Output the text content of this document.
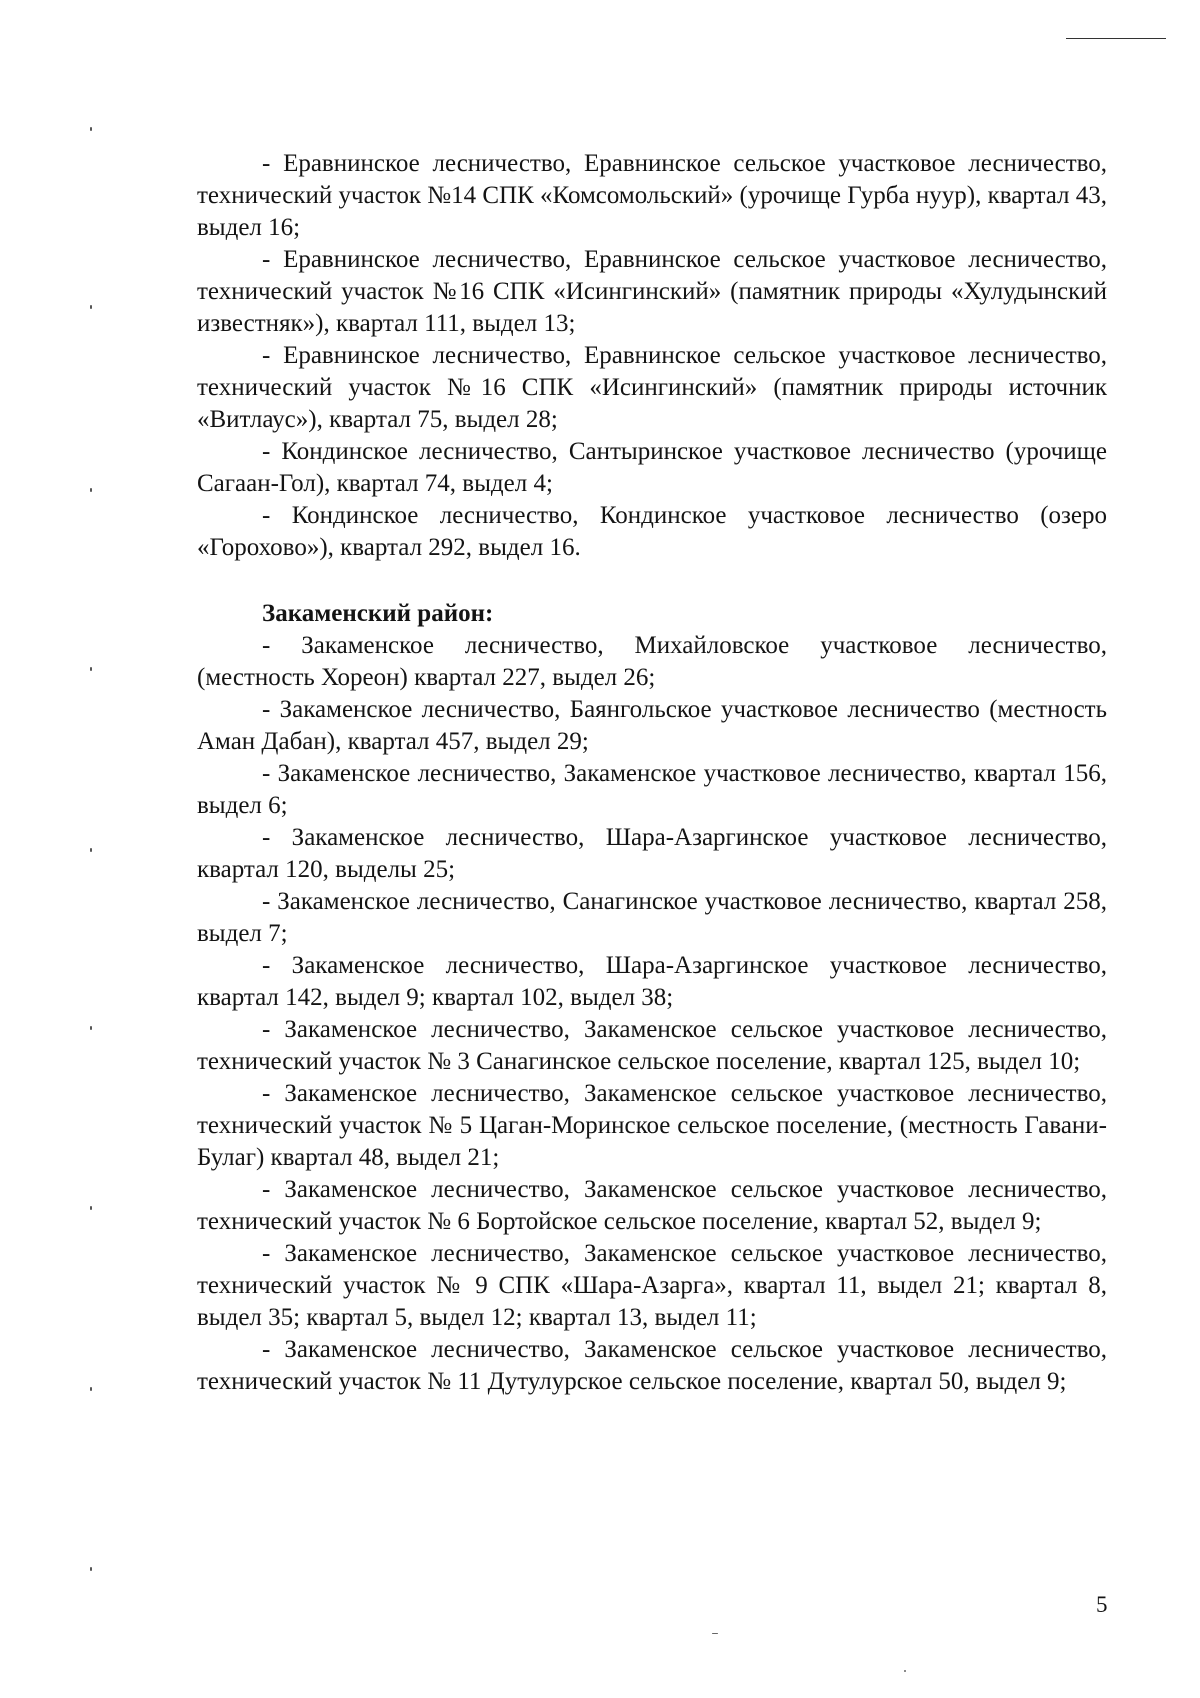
- Еравнинское лесничество, Еравнинское сельское участковое лесничество, технический участок №14 СПК «Комсомольский» (урочище Гурба нуур), квартал 43, выдел 16;

- Еравнинское лесничество, Еравнинское сельское участковое лесничество, технический участок №16 СПК «Исингинский» (памятник природы «Хулудынский известняк»), квартал 111, выдел 13;

- Еравнинское лесничество, Еравнинское сельское участковое лесничество, технический участок №16 СПК «Исингинский» (памятник природы источник «Витлаус»), квартал 75, выдел 28;

- Кондинское лесничество, Сантыринское участковое лесничество (урочище Сагаан-Гол), квартал 74, выдел 4;

- Кондинское лесничество, Кондинское участковое лесничество (озеро «Горохово»), квартал 292, выдел 16.

Закаменский район:

- Закаменское лесничество, Михайловское участковое лесничество, (местность Хореон) квартал 227, выдел 26;

- Закаменское лесничество, Баянгольское участковое лесничество (местность Аман Дабан), квартал 457, выдел 29;

- Закаменское лесничество, Закаменское участковое лесничество, квартал 156, выдел 6;

- Закаменское лесничество, Шара-Азаргинское участковое лесничество, квартал 120, выделы 25;

- Закаменское лесничество, Санагинское участковое лесничество, квартал 258, выдел 7;

- Закаменское лесничество, Шара-Азаргинское участковое лесничество, квартал 142, выдел 9; квартал 102, выдел 38;

- Закаменское лесничество, Закаменское сельское участковое лесничество, технический участок № 3 Санагинское сельское поселение, квартал 125, выдел 10;

- Закаменское лесничество, Закаменское сельское участковое лесничество, технический участок № 5 Цаган-Моринское сельское поселение, (местность Гавани-Булаг) квартал 48, выдел 21;

- Закаменское лесничество, Закаменское сельское участковое лесничество, технический участок № 6 Бортойское сельское поселение, квартал 52, выдел 9;

- Закаменское лесничество, Закаменское сельское участковое лесничество, технический участок № 9 СПК «Шара-Азарга», квартал 11, выдел 21; квартал 8, выдел 35; квартал 5, выдел 12; квартал 13, выдел 11;

- Закаменское лесничество, Закаменское сельское участковое лесничество, технический участок № 11 Дутулурское сельское поселение, квартал 50, выдел 9;

5
